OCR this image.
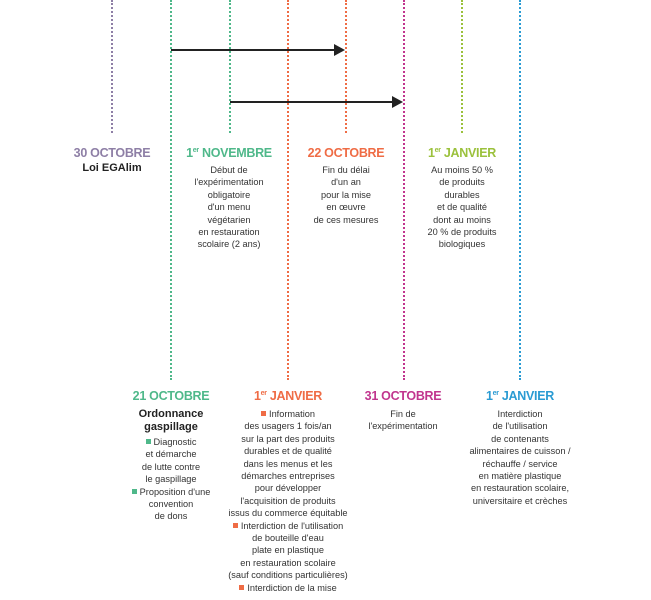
30 OCTOBRE
Loi EGAlim
1er NOVEMBRE
Début de
l'expérimentation
obligatoire
d'un menu
végétarien
en restauration
scolaire (2 ans)
22 OCTOBRE
Fin du délai
d'un an
pour la mise
en œuvre
de ces mesures
1er JANVIER
Au moins 50 %
de produits
durables
et de qualité
dont au moins
20 % de produits
biologiques
21 OCTOBRE
Ordonnance
gaspillage
Diagnostic
et démarche
de lutte contre
le gaspillage
Proposition d'une
convention
de dons
1er JANVIER
Information
des usagers 1 fois/an
sur la part des produits
durables et de qualité
dans les menus et les
démarches entreprises
pour développer
l'acquisition de produits
issus du commerce équitable
Interdiction de l'utilisation
de bouteille d'eau
plate en plastique
en restauration scolaire
(sauf conditions particulières)
Interdiction de la mise
31 OCTOBRE
Fin de
l'expérimentation
1er JANVIER
Interdiction
de l'utilisation
de contenants
alimentaires de cuisson /
réchauffe / service
en matière plastique
en restauration scolaire,
universitaire et crèches
